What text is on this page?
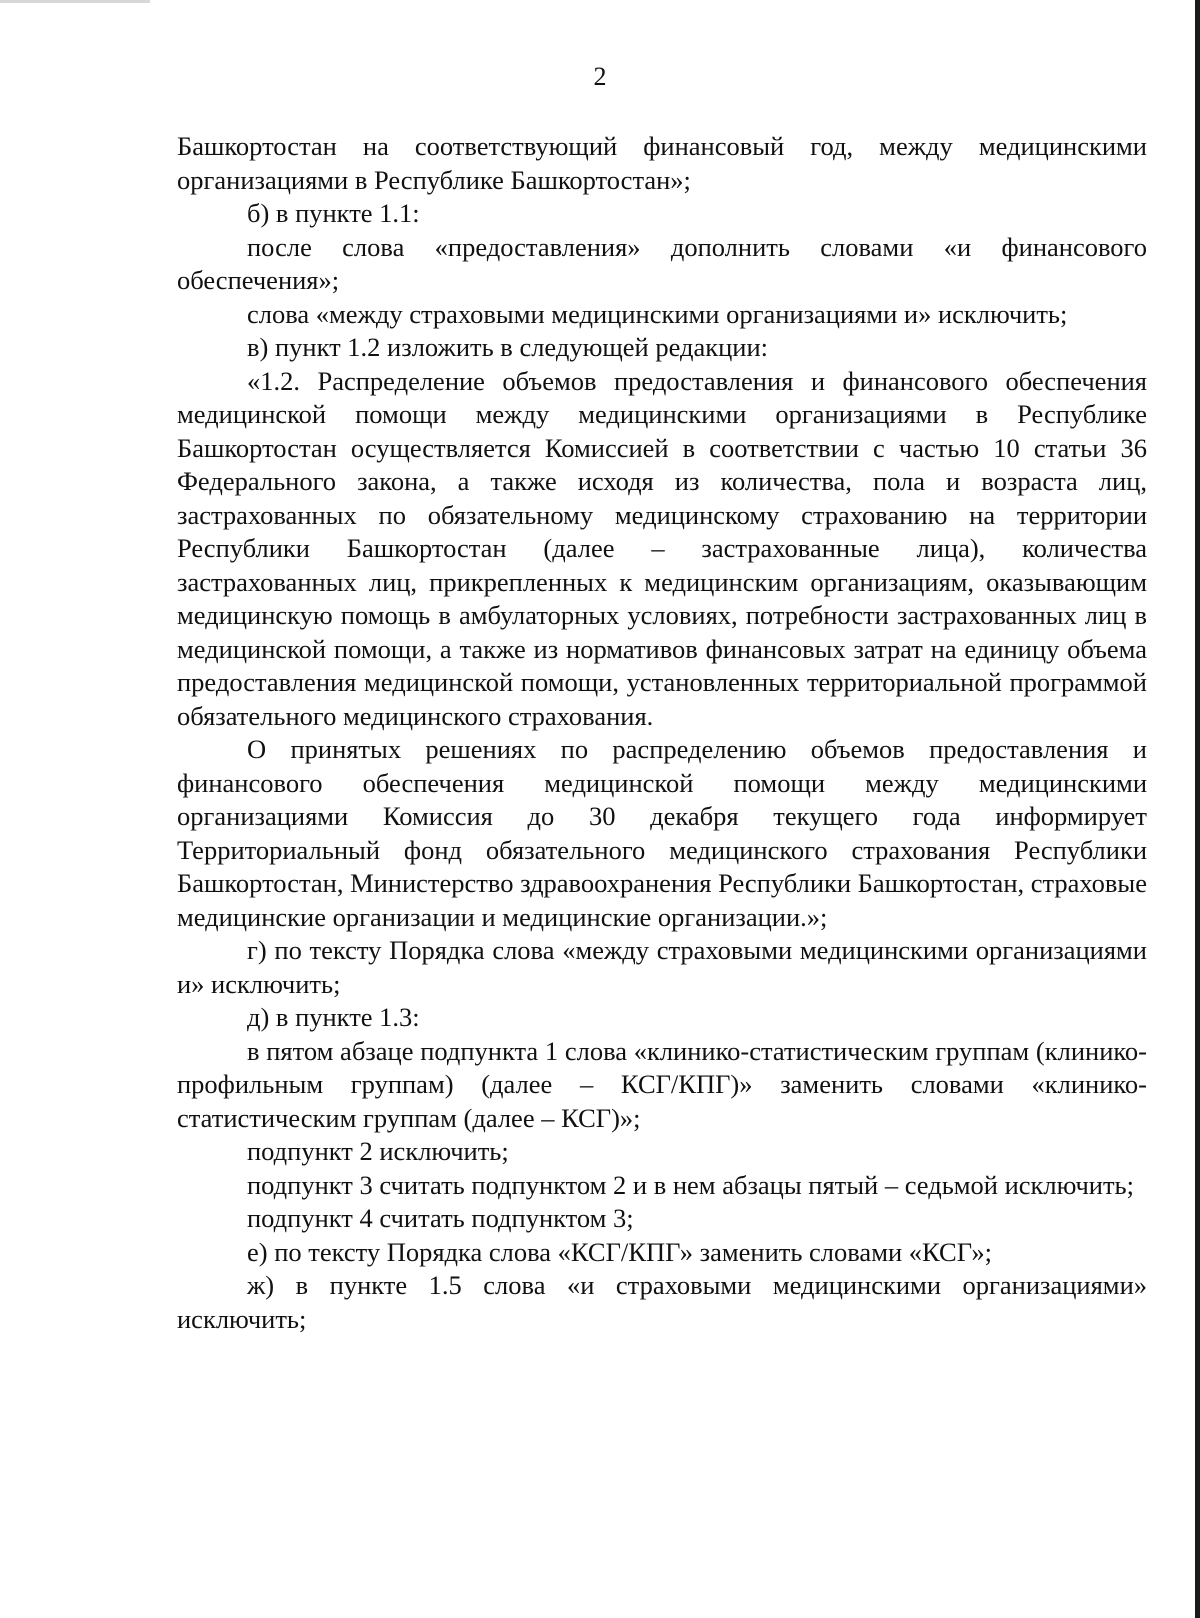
2

Башкортостан на соответствующий финансовый год, между медицинскими организациями в Республике Башкортостан»;

б) в пункте 1.1:

после слова «предоставления» дополнить словами «и финансового обеспечения»;

слова «между страховыми медицинскими организациями и» исключить;

в) пункт 1.2 изложить в следующей редакции:

«1.2. Распределение объемов предоставления и финансового обеспечения медицинской помощи между медицинскими организациями в Республике Башкортостан осуществляется Комиссией в соответствии с частью 10 статьи 36 Федерального закона, а также исходя из количества, пола и возраста лиц, застрахованных по обязательному медицинскому страхованию на территории Республики Башкортостан (далее – застрахованные лица), количества застрахованных лиц, прикрепленных к медицинским организациям, оказывающим медицинскую помощь в амбулаторных условиях, потребности застрахованных лиц в медицинской помощи, а также из нормативов финансовых затрат на единицу объема предоставления медицинской помощи, установленных территориальной программой обязательного медицинского страхования.

О принятых решениях по распределению объемов предоставления и финансового обеспечения медицинской помощи между медицинскими организациями Комиссия до 30 декабря текущего года информирует Территориальный фонд обязательного медицинского страхования Республики Башкортостан, Министерство здравоохранения Республики Башкортостан, страховые медицинские организации и медицинские организации.»;

г) по тексту Порядка слова «между страховыми медицинскими организациями и» исключить;

д) в пункте 1.3:

в пятом абзаце подпункта 1 слова «клинико-статистическим группам (клинико-профильным группам) (далее – КСГ/КПГ)» заменить словами «клинико-статистическим группам (далее – КСГ)»;

подпункт 2 исключить;

подпункт 3 считать подпунктом 2 и в нем абзацы пятый – седьмой исключить;

подпункт 4 считать подпунктом 3;

е) по тексту Порядка слова «КСГ/КПГ» заменить словами «КСГ»;

ж) в пункте 1.5 слова «и страховыми медицинскими организациями» исключить;
